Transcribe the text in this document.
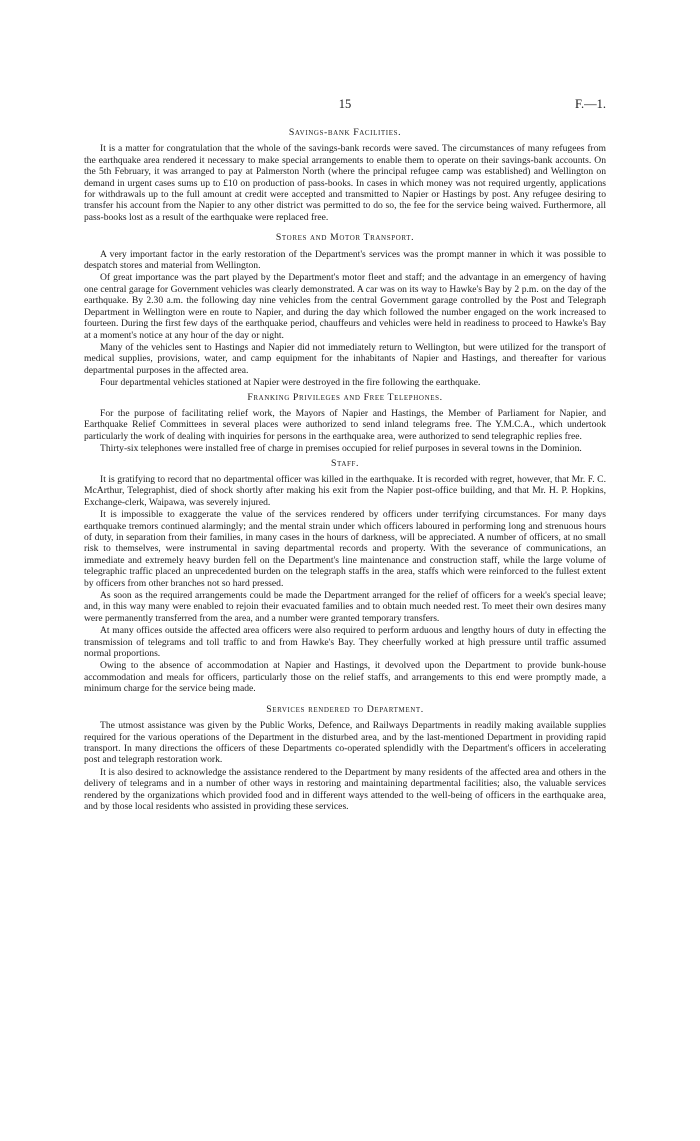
15	F.—1.
Savings-bank Facilities.

It is a matter for congratulation that the whole of the savings-bank records were saved. The circumstances of many refugees from the earthquake area rendered it necessary to make special arrangements to enable them to operate on their savings-bank accounts. On the 5th February, it was arranged to pay at Palmerston North (where the principal refugee camp was established) and Wellington on demand in urgent cases sums up to £10 on production of pass-books. In cases in which money was not required urgently, applications for withdrawals up to the full amount at credit were accepted and transmitted to Napier or Hastings by post. Any refugee desiring to transfer his account from the Napier to any other district was permitted to do so, the fee for the service being waived. Furthermore, all pass-books lost as a result of the earthquake were replaced free.

Stores and Motor Transport.

A very important factor in the early restoration of the Department's services was the prompt manner in which it was possible to despatch stores and material from Wellington.

Of great importance was the part played by the Department's motor fleet and staff; and the advantage in an emergency of having one central garage for Government vehicles was clearly demonstrated. A car was on its way to Hawke's Bay by 2 p.m. on the day of the earthquake. By 2.30 a.m. the following day nine vehicles from the central Government garage controlled by the Post and Telegraph Department in Wellington were en route to Napier, and during the day which followed the number engaged on the work increased to fourteen. During the first few days of the earthquake period, chauffeurs and vehicles were held in readiness to proceed to Hawke's Bay at a moment's notice at any hour of the day or night.

Many of the vehicles sent to Hastings and Napier did not immediately return to Wellington, but were utilized for the transport of medical supplies, provisions, water, and camp equipment for the inhabitants of Napier and Hastings, and thereafter for various departmental purposes in the affected area.

Four departmental vehicles stationed at Napier were destroyed in the fire following the earthquake.

Franking Privileges and Free Telephones.

For the purpose of facilitating relief work, the Mayors of Napier and Hastings, the Member of Parliament for Napier, and Earthquake Relief Committees in several places were authorized to send inland telegrams free. The Y.M.C.A., which undertook particularly the work of dealing with inquiries for persons in the earthquake area, were authorized to send telegraphic replies free.

Thirty-six telephones were installed free of charge in premises occupied for relief purposes in several towns in the Dominion.

Staff.

It is gratifying to record that no departmental officer was killed in the earthquake. It is recorded with regret, however, that Mr. F. C. McArthur, Telegraphist, died of shock shortly after making his exit from the Napier post-office building, and that Mr. H. P. Hopkins, Exchange-clerk, Waipawa, was severely injured.

It is impossible to exaggerate the value of the services rendered by officers under terrifying circumstances. For many days earthquake tremors continued alarmingly; and the mental strain under which officers laboured in performing long and strenuous hours of duty, in separation from their families, in many cases in the hours of darkness, will be appreciated. A number of officers, at no small risk to themselves, were instrumental in saving departmental records and property. With the severance of communications, an immediate and extremely heavy burden fell on the Department's line maintenance and construction staff, while the large volume of telegraphic traffic placed an unprecedented burden on the telegraph staffs in the area, staffs which were reinforced to the fullest extent by officers from other branches not so hard pressed.

As soon as the required arrangements could be made the Department arranged for the relief of officers for a week's special leave; and, in this way many were enabled to rejoin their evacuated families and to obtain much needed rest. To meet their own desires many were permanently transferred from the area, and a number were granted temporary transfers.

At many offices outside the affected area officers were also required to perform arduous and lengthy hours of duty in effecting the transmission of telegrams and toll traffic to and from Hawke's Bay. They cheerfully worked at high pressure until traffic assumed normal proportions.

Owing to the absence of accommodation at Napier and Hastings, it devolved upon the Department to provide bunk-house accommodation and meals for officers, particularly those on the relief staffs, and arrangements to this end were promptly made, a minimum charge for the service being made.

Services rendered to Department.

The utmost assistance was given by the Public Works, Defence, and Railways Departments in readily making available supplies required for the various operations of the Department in the disturbed area, and by the last-mentioned Department in providing rapid transport. In many directions the officers of these Departments co-operated splendidly with the Department's officers in accelerating post and telegraph restoration work.

It is also desired to acknowledge the assistance rendered to the Department by many residents of the affected area and others in the delivery of telegrams and in a number of other ways in restoring and maintaining departmental facilities; also, the valuable services rendered by the organizations which provided food and in different ways attended to the well-being of officers in the earthquake area, and by those local residents who assisted in providing these services.
